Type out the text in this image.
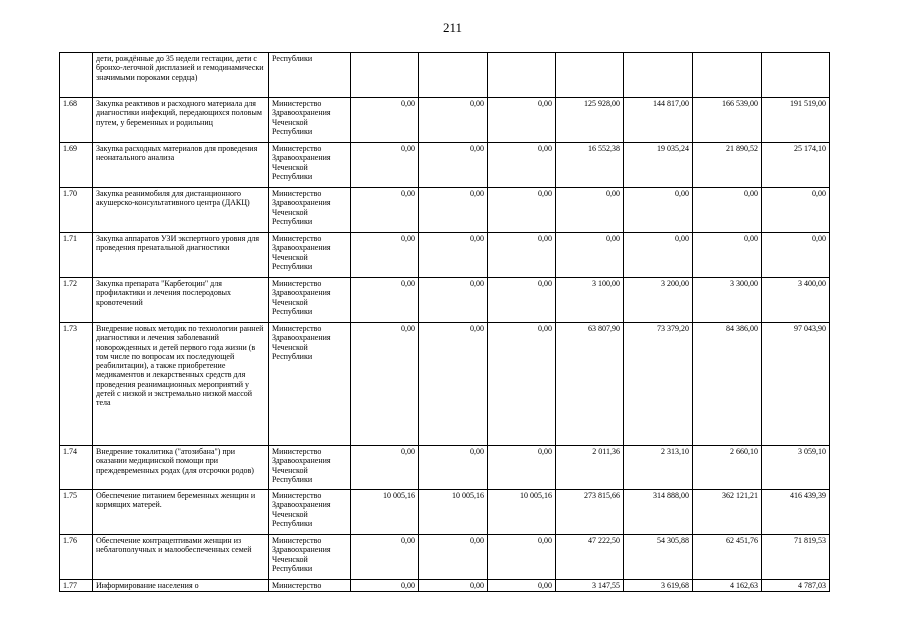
211
	дети, рождённые до 35 недели гестации, дети с бронхо-легочной дисплазией и гемодинамически значимыми пороками сердца)	Республики							
1.68	Закупка реактивов и расходного материала для диагностики инфекций, передающихся половым путем, у беременных и родильниц	Министерство Здравоохранения Чеченской Республики	0,00	0,00	0,00	125 928,00	144 817,00	166 539,00	191 519,00
1.69	Закупка расходных материалов для проведения неонатального анализа	Министерство Здравоохранения Чеченской Республики	0,00	0,00	0,00	16 552,38	19 035,24	21 890,52	25 174,10
1.70	Закупка реанимобиля для дистанционного акушерско-консультативного центра (ДАКЦ)	Министерство Здравоохранения Чеченской Республики	0,00	0,00	0,00	0,00	0,00	0,00	0,00
1.71	Закупка аппаратов УЗИ экспертного уровня для проведения пренатальной диагностики	Министерство Здравоохранения Чеченской Республики	0,00	0,00	0,00	0,00	0,00	0,00	0,00
1.72	Закупка препарата "Карбетоцин" для профилактики и лечения послеродовых кровотечений	Министерство Здравоохранения Чеченской Республики	0,00	0,00	0,00	3 100,00	3 200,00	3 300,00	3 400,00
1.73	Внедрение новых методик по технологии ранней диагностики и лечения заболеваний новорожденных и детей первого года жизни (в том числе по вопросам их последующей реабилитации), а также приобретение медикаментов и лекарственных средств для проведения реанимационных мероприятий у детей с низкой и экстремально низкой массой тела	Министерство Здравоохранения Чеченской Республики	0,00	0,00	0,00	63 807,90	73 379,20	84 386,00	97 043,90
1.74	Внедрение токалитика ("атозибана") при оказании медицинской помощи при преждевременных родах (для отсрочки родов)	Министерство Здравоохранения Чеченской Республики	0,00	0,00	0,00	2 011,36	2 313,10	2 660,10	3 059,10
1.75	Обеспечение питанием беременных женщин и кормящих матерей.	Министерство Здравоохранения Чеченской Республики	10 005,16	10 005,16	10 005,16	273 815,66	314 888,00	362 121,21	416 439,39
1.76	Обеспечение контрацептивами женщин из неблагополучных и малообеспеченных семей	Министерство Здравоохранения Чеченской Республики	0,00	0,00	0,00	47 222,50	54 305,88	62 451,76	71 819,53
1.77	Информирование населения о	Министерство	0,00	0,00	0,00	3 147,55	3 619,68	4 162,63	4 787,03
